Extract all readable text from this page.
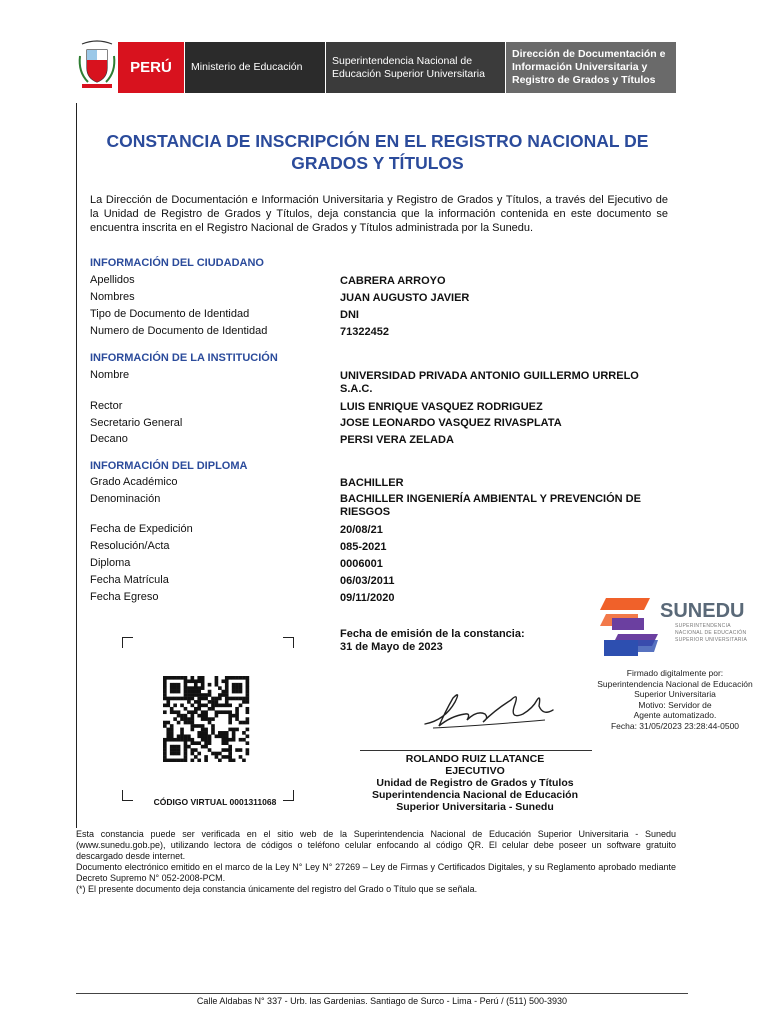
PERÚ	Ministerio de Educación
Superintendencia Nacional de Educación Superior Universitaria
Dirección de Documentación e Información Universitaria y Registro de Grados y Títulos
CONSTANCIA DE INSCRIPCIÓN EN EL REGISTRO NACIONAL DE GRADOS Y TÍTULOS
La Dirección de Documentación e Información Universitaria y Registro de Grados y Títulos, a través del Ejecutivo de la Unidad de Registro de Grados y Títulos, deja constancia que la información contenida en este documento se encuentra inscrita en el Registro Nacional de Grados y Títulos administrada por la Sunedu.
INFORMACIÓN DEL CIUDADANO
Apellidos	CABRERA ARROYO
Nombres	JUAN AUGUSTO JAVIER
Tipo de Documento de Identidad	DNI
Numero de Documento de Identidad	71322452
INFORMACIÓN DE LA INSTITUCIÓN
Nombre	UNIVERSIDAD PRIVADA ANTONIO GUILLERMO URRELO S.A.C.
Rector	LUIS ENRIQUE VASQUEZ RODRIGUEZ
Secretario General	JOSE LEONARDO VASQUEZ RIVASPLATA
Decano	PERSI VERA ZELADA
INFORMACIÓN DEL DIPLOMA
Grado Académico	BACHILLER
Denominación	BACHILLER INGENIERÍA AMBIENTAL Y PREVENCIÓN DE RIESGOS
Fecha de Expedición	20/08/21
Resolución/Acta	085-2021
Diploma	0006001
Fecha Matrícula	06/03/2011
Fecha Egreso	09/11/2020
Fecha de emisión de la constancia:
31 de Mayo de 2023
CÓDIGO VIRTUAL 0001311068
ROLANDO RUIZ LLATANCE
EJECUTIVO
Unidad de Registro de Grados y Títulos
Superintendencia Nacional de Educación
Superior Universitaria - Sunedu
SUNEDU
SUPERINTENDENCIA
NACIONAL DE EDUCACIÓN
SUPERIOR UNIVERSITARIA
Firmado digitalmente por:
Superintendencia Nacional de Educación
Superior Universitaria
Motivo: Servidor de
Agente automatizado.
Fecha: 31/05/2023 23:28:44-0500
Esta constancia puede ser verificada en el sitio web de la Superintendencia Nacional de Educación Superior Universitaria - Sunedu (www.sunedu.gob.pe), utilizando lectora de códigos o teléfono celular enfocando al código QR. El celular debe poseer un software gratuito descargado desde internet.
Documento electrónico emitido en el marco de la Ley N° Ley N° 27269 – Ley de Firmas y Certificados Digitales, y su Reglamento aprobado mediante Decreto Supremo N° 052-2008-PCM.
(*) El presente documento deja constancia únicamente del registro del Grado o Título que se señala.
Calle Aldabas N° 337 - Urb. las Gardenias. Santiago de Surco - Lima - Perú / (511) 500-3930
